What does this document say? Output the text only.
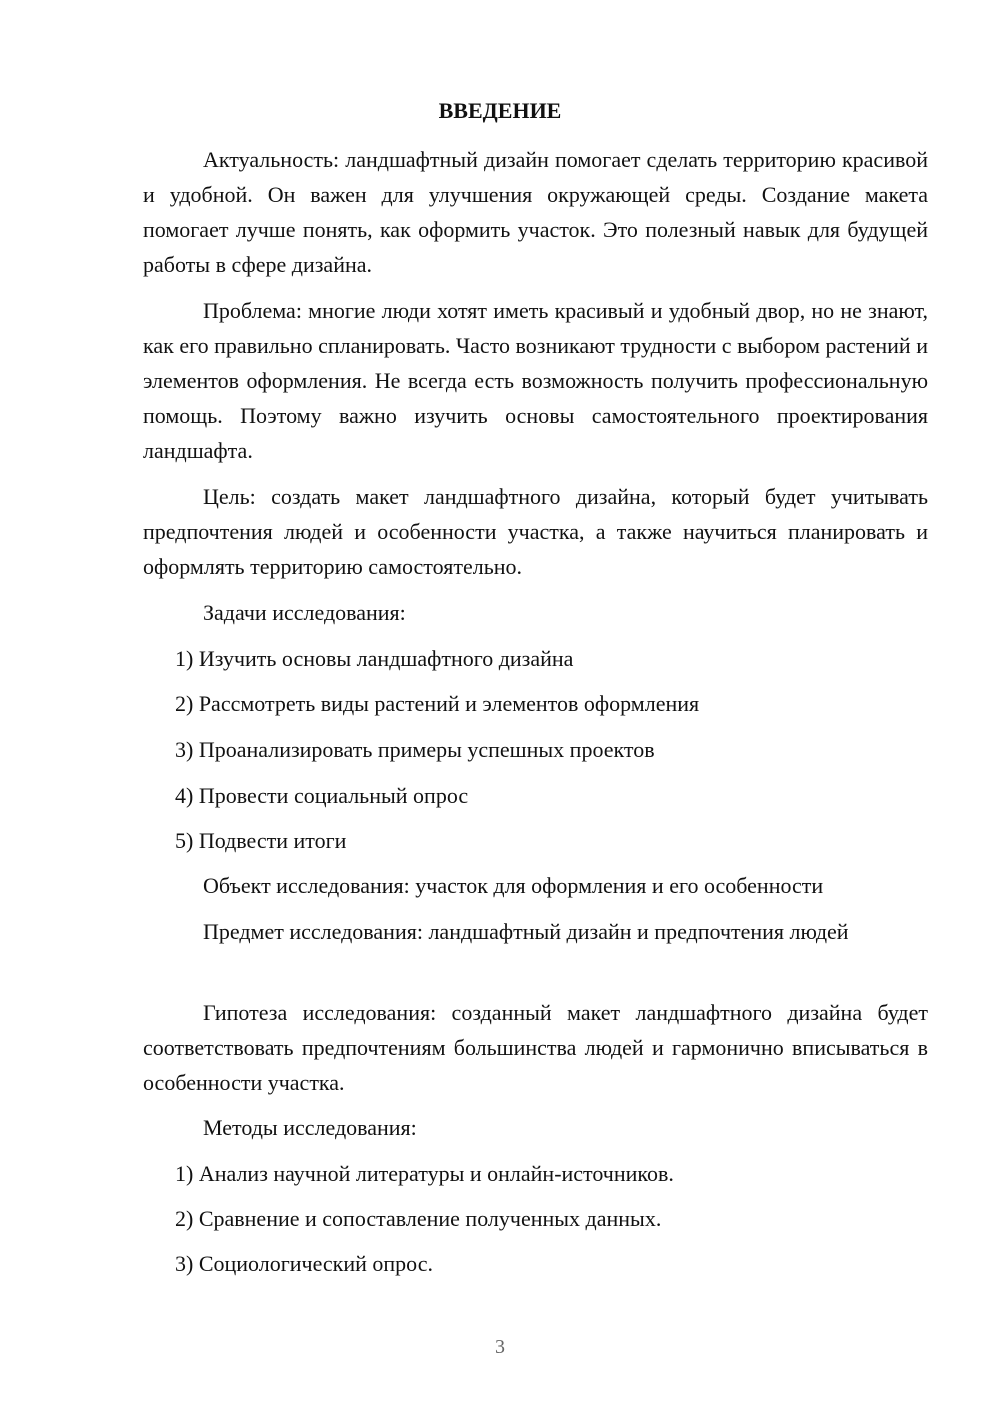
ВВЕДЕНИЕ
Актуальность: ландшафтный дизайн помогает сделать территорию красивой и удобной. Он важен для улучшения окружающей среды. Создание макета помогает лучше понять, как оформить участок. Это полезный навык для будущей работы в сфере дизайна.
Проблема: многие люди хотят иметь красивый и удобный двор, но не знают, как его правильно спланировать. Часто возникают трудности с выбором растений и элементов оформления. Не всегда есть возможность получить профессиональную помощь. Поэтому важно изучить основы самостоятельного проектирования ландшафта.
Цель: создать макет ландшафтного дизайна, который будет учитывать предпочтения людей и особенности участка, а также научиться планировать и оформлять территорию самостоятельно.
Задачи исследования:
1) Изучить основы ландшафтного дизайна
2) Рассмотреть виды растений и элементов оформления
3) Проанализировать примеры успешных проектов
4) Провести социальный опрос
5) Подвести итоги
Объект исследования: участок для оформления и его особенности
Предмет исследования: ландшафтный дизайн и предпочтения людей
Гипотеза исследования: созданный макет ландшафтного дизайна будет соответствовать предпочтениям большинства людей и гармонично вписываться в особенности участка.
Методы исследования:
1) Анализ научной литературы и онлайн-источников.
2) Сравнение и сопоставление полученных данных.
3) Социологический опрос.
3
